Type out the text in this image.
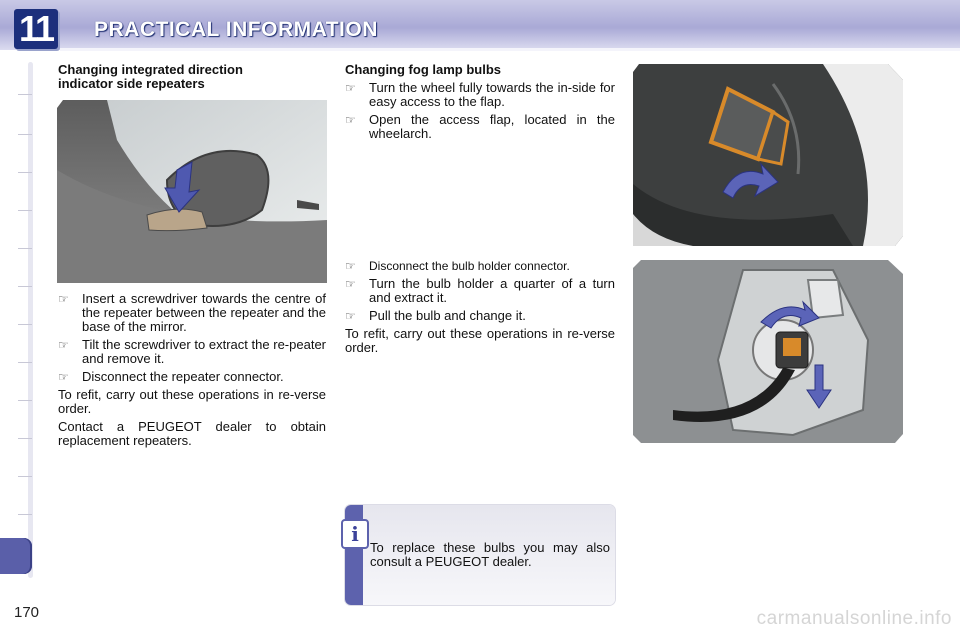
11 PRACTICAL INFORMATION
Changing integrated direction indicator side repeaters
☞ Insert a screwdriver towards the centre of the repeater between the repeater and the base of the mirror.
☞ Tilt the screwdriver to extract the re-peater and remove it.
☞ Disconnect the repeater connector.

To refit, carry out these operations in re-verse order.

Contact a PEUGEOT dealer to obtain replacement repeaters.

Changing fog lamp bulbs
☞ Turn the wheel fully towards the in-side for easy access to the flap.
☞ Open the access flap, located in the wheelarch.
☞ Disconnect the bulb holder connector.
☞ Turn the bulb holder a quarter of a turn and extract it.
☞ Pull the bulb and change it.

To refit, carry out these operations in re-verse order.

i
To replace these bulbs you may also consult a PEUGEOT dealer.
170	carmanualsonline.info
